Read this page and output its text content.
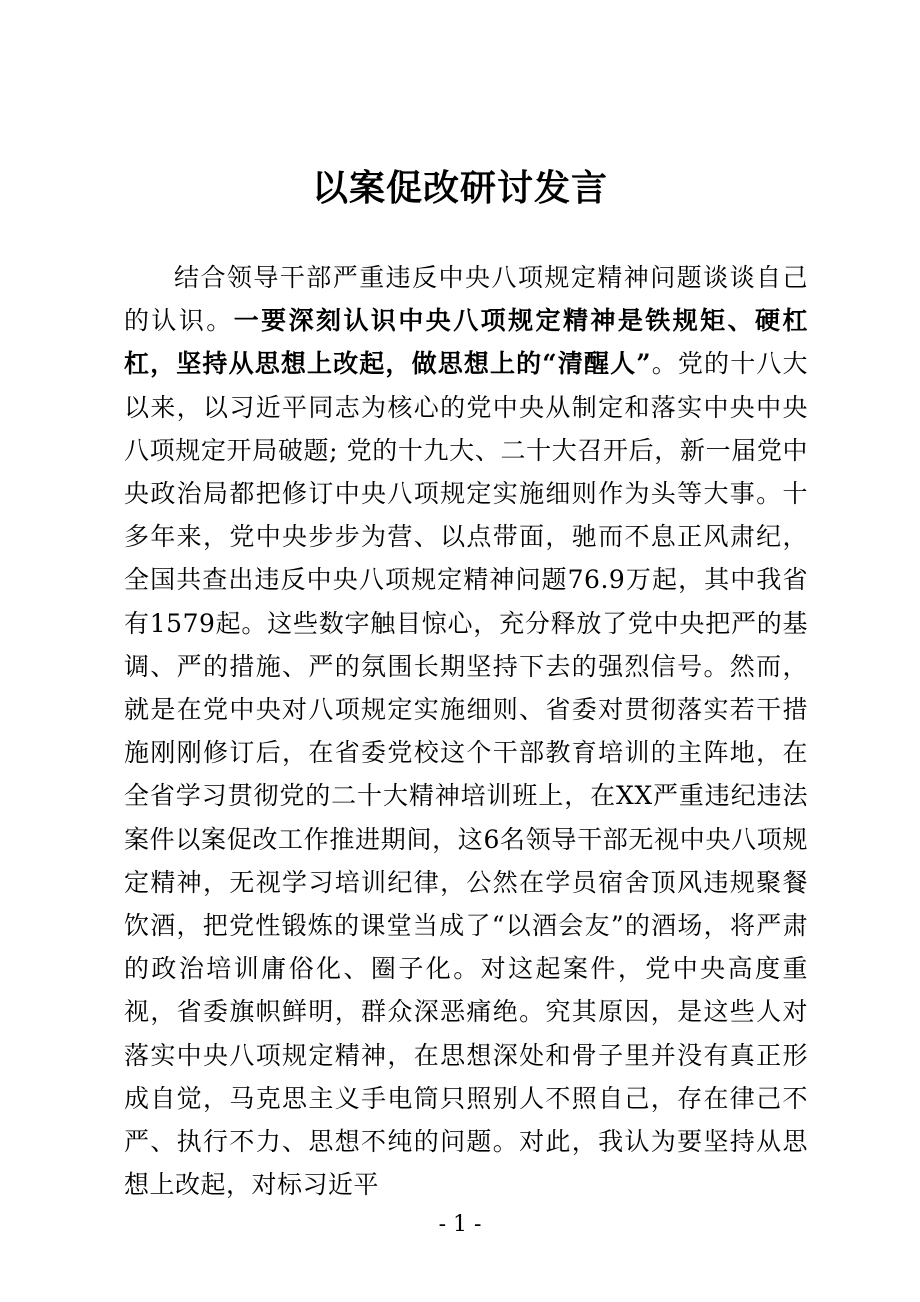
以案促改研讨发言

结合领导干部严重违反中央八项规定精神问题谈谈自己的认识。一要深刻认识中央八项规定精神是铁规矩、硬杠杠，坚持从思想上改起，做思想上的“清醒人”。党的十八大以来，以习近平同志为核心的党中央从制定和落实中央中央八项规定开局破题; 党的十九大、二十大召开后，新一届党中央政治局都把修订中央八项规定实施细则作为头等大事。十多年来，党中央步步为营、以点带面，驰而不息正风肃纪，全国共查出违反中央八项规定精神问题76.9万起，其中我省有1579起。这些数字触目惊心，充分释放了党中央把严的基调、严的措施、严的氛围长期坚持下去的强烈信号。然而，就是在党中央对八项规定实施细则、省委对贯彻落实若干措施刚刚修订后，在省委党校这个干部教育培训的主阵地，在全省学习贯彻党的二十大精神培训班上，在XX严重违纪违法案件以案促改工作推进期间，这6名领导干部无视中央八项规定精神，无视学习培训纪律，公然在学员宿舍顶风违规聚餐饮酒，把党性锻炼的课堂当成了“以酒会友”的酒场，将严肃的政治培训庸俗化、圈子化。对这起案件，党中央高度重视，省委旗帜鲜明，群众深恶痛绝。究其原因，是这些人对落实中央八项规定精神，在思想深处和骨子里并没有真正形成自觉，马克思主义手电筒只照别人不照自己，存在律己不严、执行不力、思想不纯的问题。对此，我认为要坚持从思想上改起，对标习近平

- 1 -
